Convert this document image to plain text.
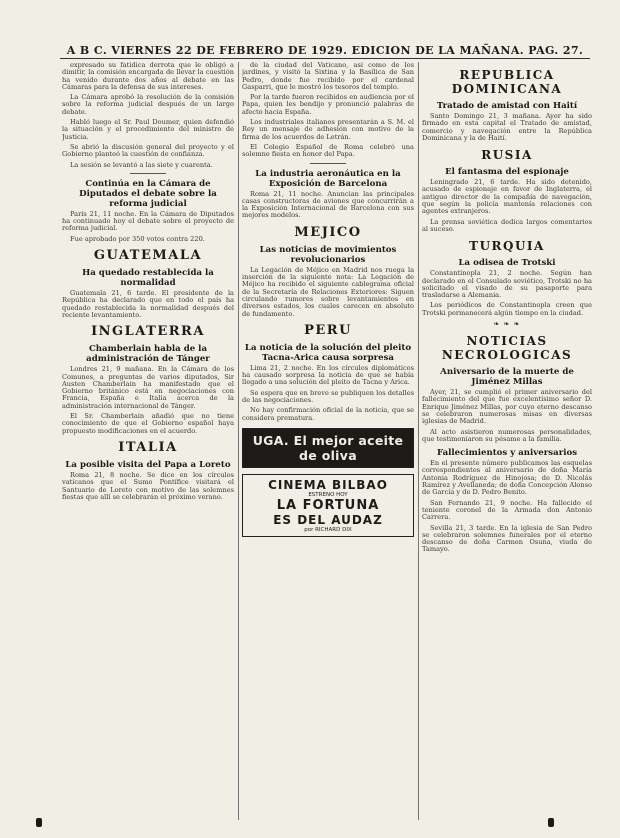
A B C. VIERNES 22 DE FEBRERO DE 1929. EDICION DE LA MAÑANA. PAG. 27.

expresado su fatídica derrota que le obligó a dimitir, la comisión encargada de llevar la cuestión ha venido durante dos años al debate en las Cámaras para la defensa de sus intereses.

La Cámara aprobó la resolución de la comisión sobre la reforma judicial después de un largo debate.

Habló luego el Sr. Paul Doumer, quien defendió la situación y el procedimiento del ministro de Justicia.

Se abrió la discusión general del proyecto y el Gobierno planteó la cuestión de confianza.

La sesión se levantó a las siete y cuarenta.

Continúa en la Cámara de Diputados el debate sobre la reforma judicial

París 21, 11 noche. En la Cámara de Diputados ha continuado hoy el debate sobre el proyecto de reforma judicial.

Fue aprobado por 350 votos contra 220.

GUATEMALA
Ha quedado restablecida la normalidad

Guatemala 21, 6 tarde. El presidente de la República ha declarado que en todo el país ha quedado restablecida la normalidad después del reciente levantamiento.

INGLATERRA
Chamberlain habla de la administración de Tánger

Londres 21, 9 mañana. En la Cámara de los Comunes, a preguntas de varios diputados, Sir Austen Chamberlain ha manifestado que el Gobierno británico está en negociaciones con Francia, España e Italia acerca de la administración internacional de Tánger.

El Sr. Chamberlain añadió que no tiene conocimiento de que el Gobierno español haya propuesto modificaciones en el acuerdo.

ITALIA
La posible visita del Papa a Loreto

Roma 21, 8 noche. Se dice en los círculos vaticanos que el Sumo Pontífice visitará el Santuario de Loreto con motivo de las solemnes fiestas que allí se celebrarán el próximo verano.

de la ciudad del Vaticano, así como de los jardines, y visitó la Sixtina y la Basílica de San Pedro, donde fue recibido por el cardenal Gasparri, que le mostró los tesoros del templo.

Por la tarde fueron recibidos en audiencia por el Papa, quien les bendijo y pronunció palabras de afecto hacia España.

Los industriales italianos presentarán a S. M. el Rey un mensaje de adhesión con motivo de la firma de los acuerdos de Letrán.

El Colegio Español de Roma celebró una solemne fiesta en honor del Papa.

La industria aeronáutica en la Exposición de Barcelona

Roma 21, 11 noche. Anuncian las principales casas constructoras de aviones que concurrirán a la Exposición Internacional de Barcelona con sus mejores modelos.

MEJICO
Las noticias de movimientos revolucionarios

La Legación de Méjico en Madrid nos ruega la inserción de la siguiente nota: La Legación de Méjico ha recibido el siguiente cablegrama oficial de la Secretaría de Relaciones Exteriores: Siguen circulando rumores sobre levantamientos en diversos estados, los cuales carecen en absoluto de fundamento.

PERU
La noticia de la solución del pleito Tacna-Arica causa sorpresa

Lima 21, 2 noche. En los círculos diplomáticos ha causado sorpresa la noticia de que se había llegado a una solución del pleito de Tacna y Arica.

Se espera que en breve se publiquen los detalles de las negociaciones.

No hay confirmación oficial de la noticia, que se considera prematura.

UGA. El mejor aceite de oliva
CINEMA BILBAO
ESTRENO HOY
LA FORTUNA
ES DEL AUDAZ
por RICHARD DIX
REPUBLICA DOMINICANA
Tratado de amistad con Haití

Santo Domingo 21, 3 mañana. Ayer ha sido firmado en esta capital el Tratado de amistad, comercio y navegación entre la República Dominicana y la de Haití.

RUSIA
El fantasma del espionaje

Leningrado 21, 6 tarde. Ha sido detenido, acusado de espionaje en favor de Inglaterra, el antiguo director de la compañía de navegación, que según la policía mantenía relaciones con agentes extranjeros.

La prensa soviética dedica largos comentarios al suceso.

TURQUIA
La odisea de Trotski

Constantinopla 21, 2 noche. Según han declarado en el Consulado soviético, Trotski no ha solicitado el visado de su pasaporte para trasladarse a Alemania.

Los periódicos de Constantinopla creen que Trotski permanecerá algún tiempo en la ciudad.

❧ ❧ ❧
NOTICIAS NECROLOGICAS
Aniversario de la muerte de Jiménez Millas

Ayer, 21, se cumplió el primer aniversario del fallecimiento del que fue excelentísimo señor D. Enrique Jiménez Millas, por cuyo eterno descanso se celebraron numerosas misas en diversas iglesias de Madrid.

Al acto asistieron numerosas personalidades, que testimoniaron su pésame a la familia.

Fallecimientos y aniversarios

En el presente número publicamos las esquelas correspondientes al aniversario de doña María Antonia Rodríguez de Hinojosa; de D. Nicolás Ramírez y Avellaneda; de doña Concepción Alonso de García y de D. Pedro Benito.

San Fernando 21, 9 noche. Ha fallecido el teniente coronel de la Armada don Antonio Carrera.

Sevilla 21, 3 tarde. En la iglesia de San Pedro se celebraron solemnes funerales por el eterno descanso de doña Carmen Osuna, viuda de Tamayo.
